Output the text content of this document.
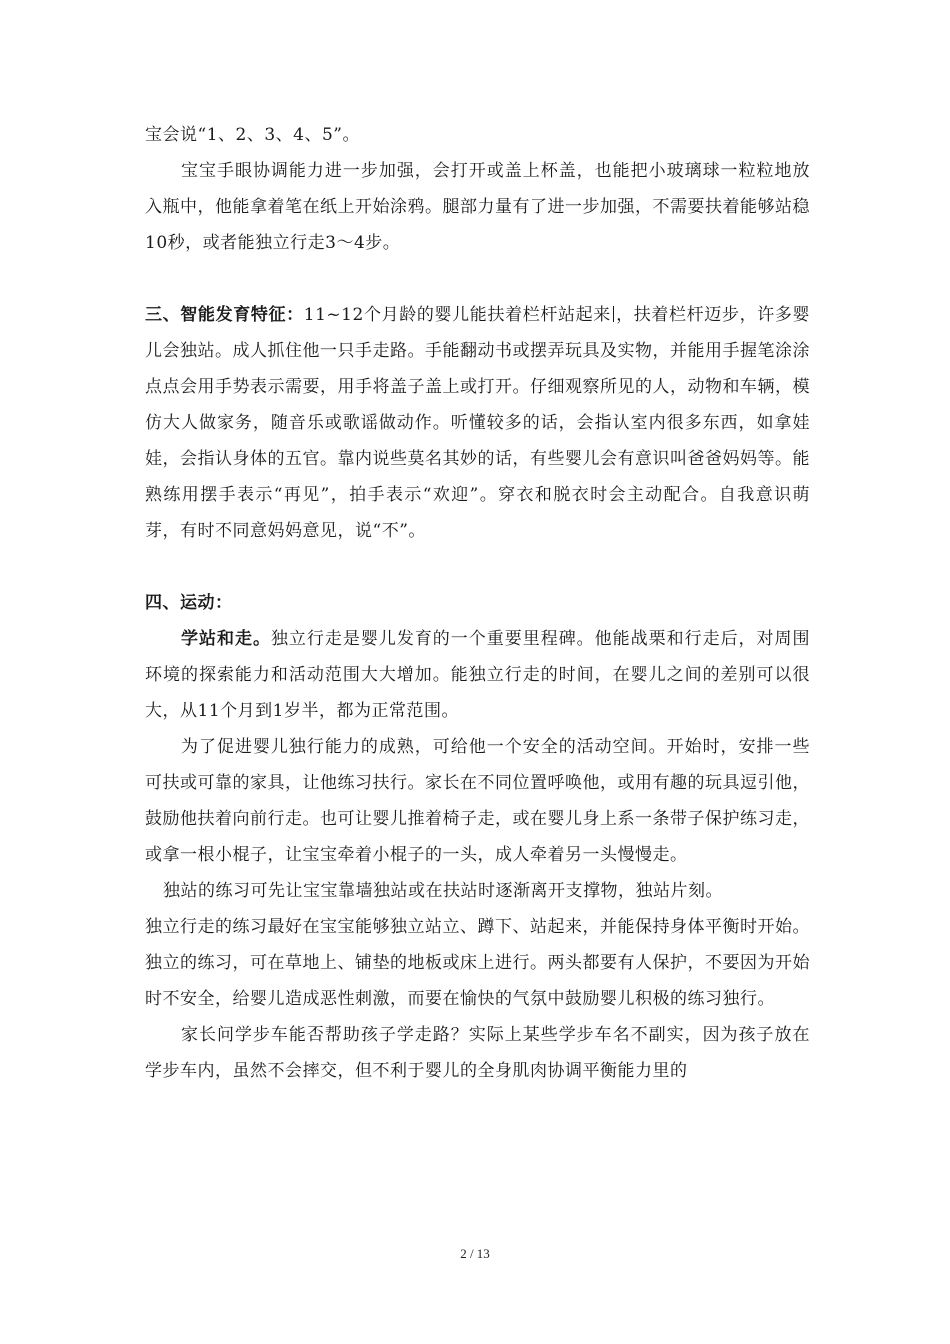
宝会说“1、2、3、4、5”。

宝宝手眼协调能力进一步加强，会打开或盖上杯盖，也能把小玻璃球一粒粒地放入瓶中，他能拿着笔在纸上开始涂鸦。腿部力量有了进一步加强，不需要扶着能够站稳10秒，或者能独立行走3～4步。

三、智能发育特征：11~12个月龄的婴儿能扶着栏杆站起来 ，扶着栏杆迈步，许多婴儿会独站。成人抓住他一只手走路。手能翻动书或摆弄玩具及实物，并能用手握笔涂涂点点会用手势表示需要，用手将盖子盖上或打开。仔细观察所见的人，动物和车辆，模仿大人做家务，随音乐或歌谣做动作。听懂较多的话，会指认室内很多东西，如拿娃娃，会指认身体的五官。靠内说些莫名其妙的话，有些婴儿会有意识叫爸爸妈妈等。能熟练用摆手表示“再见”，拍手表示“欢迎”。穿衣和脱衣时会主动配合。自我意识萌芽，有时不同意妈妈意见，说“不”。

四、运动：

学站和走。独立行走是婴儿发育的一个重要里程碑。他能战栗和行走后，对周围环境的探索能力和活动范围大大增加。能独立行走的时间，在婴儿之间的差别可以很大，从11个月到1岁半，都为正常范围。

为了促进婴儿独行能力的成熟，可给他一个安全的活动空间。开始时，安排一些可扶或可靠的家具，让他练习扶行。家长在不同位置呼唤他，或用有趣的玩具逗引他，鼓励他扶着向前行走。也可让婴儿推着椅子走，或在婴儿身上系一条带子保护练习走，或拿一根小棍子，让宝宝牵着小棍子的一头，成人牵着另一头慢慢走。

独站的练习可先让宝宝靠墙独站或在扶站时逐渐离开支撑物，独站片刻。

独立行走的练习最好在宝宝能够独立站立、蹲下、站起来，并能保持身体平衡时开始。独立的练习，可在草地上、铺垫的地板或床上进行。两头都要有人保护，不要因为开始时不安全，给婴儿造成恶性刺激，而要在愉快的气氛中鼓励婴儿积极的练习独行。

家长问学步车能否帮助孩子学走路？实际上某些学步车名不副实，因为孩子放在学步车内，虽然不会摔交，但不利于婴儿的全身肌肉协调平衡能力里的

2 / 13
